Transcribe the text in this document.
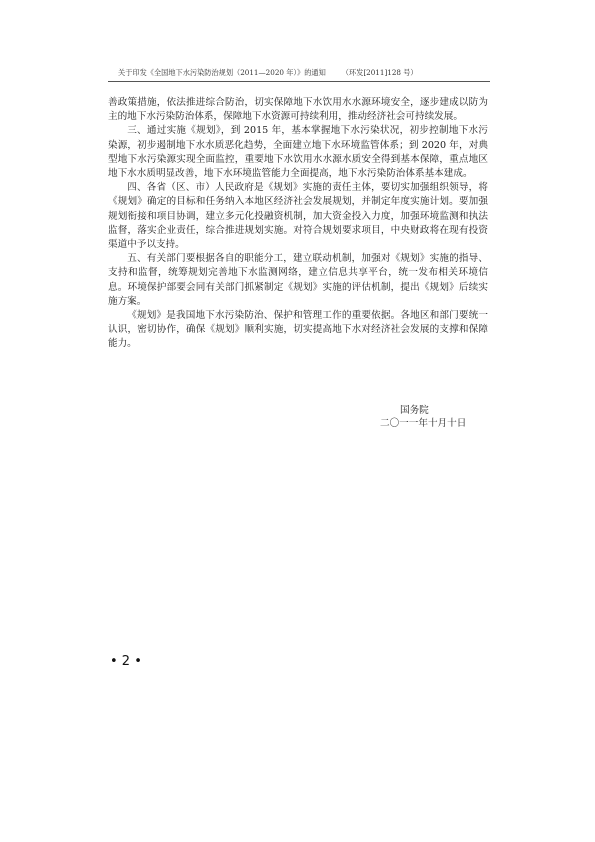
关于印发《全国地下水污染防治规划（2011—2020 年）》的通知 （环发[2011]128 号）

善政策措施，依法推进综合防治，切实保障地下水饮用水水源环境安全，逐步建成以防为主的地下水污染防治体系，保障地下水资源可持续利用，推动经济社会可持续发展。

三、通过实施《规划》，到 2015 年，基本掌握地下水污染状况，初步控制地下水污染源，初步遏制地下水水质恶化趋势，全面建立地下水环境监管体系；到 2020 年，对典型地下水污染源实现全面监控，重要地下水饮用水水源水质安全得到基本保障，重点地区地下水水质明显改善，地下水环境监管能力全面提高，地下水污染防治体系基本建成。

四、各省（区、市）人民政府是《规划》实施的责任主体，要切实加强组织领导，将《规划》确定的目标和任务纳入本地区经济社会发展规划，并制定年度实施计划。要加强规划衔接和项目协调，建立多元化投融资机制，加大资金投入力度，加强环境监测和执法监督，落实企业责任，综合推进规划实施。对符合规划要求项目，中央财政将在现有投资渠道中予以支持。

五、有关部门要根据各自的职能分工，建立联动机制，加强对《规划》实施的指导、支持和监督，统筹规划完善地下水监测网络，建立信息共享平台，统一发布相关环境信息。环境保护部要会同有关部门抓紧制定《规划》实施的评估机制，提出《规划》后续实施方案。

《规划》是我国地下水污染防治、保护和管理工作的重要依据。各地区和部门要统一认识，密切协作，确保《规划》顺利实施，切实提高地下水对经济社会发展的支撑和保障能力。

国务院
二〇一一年十月十日
• 2 •
